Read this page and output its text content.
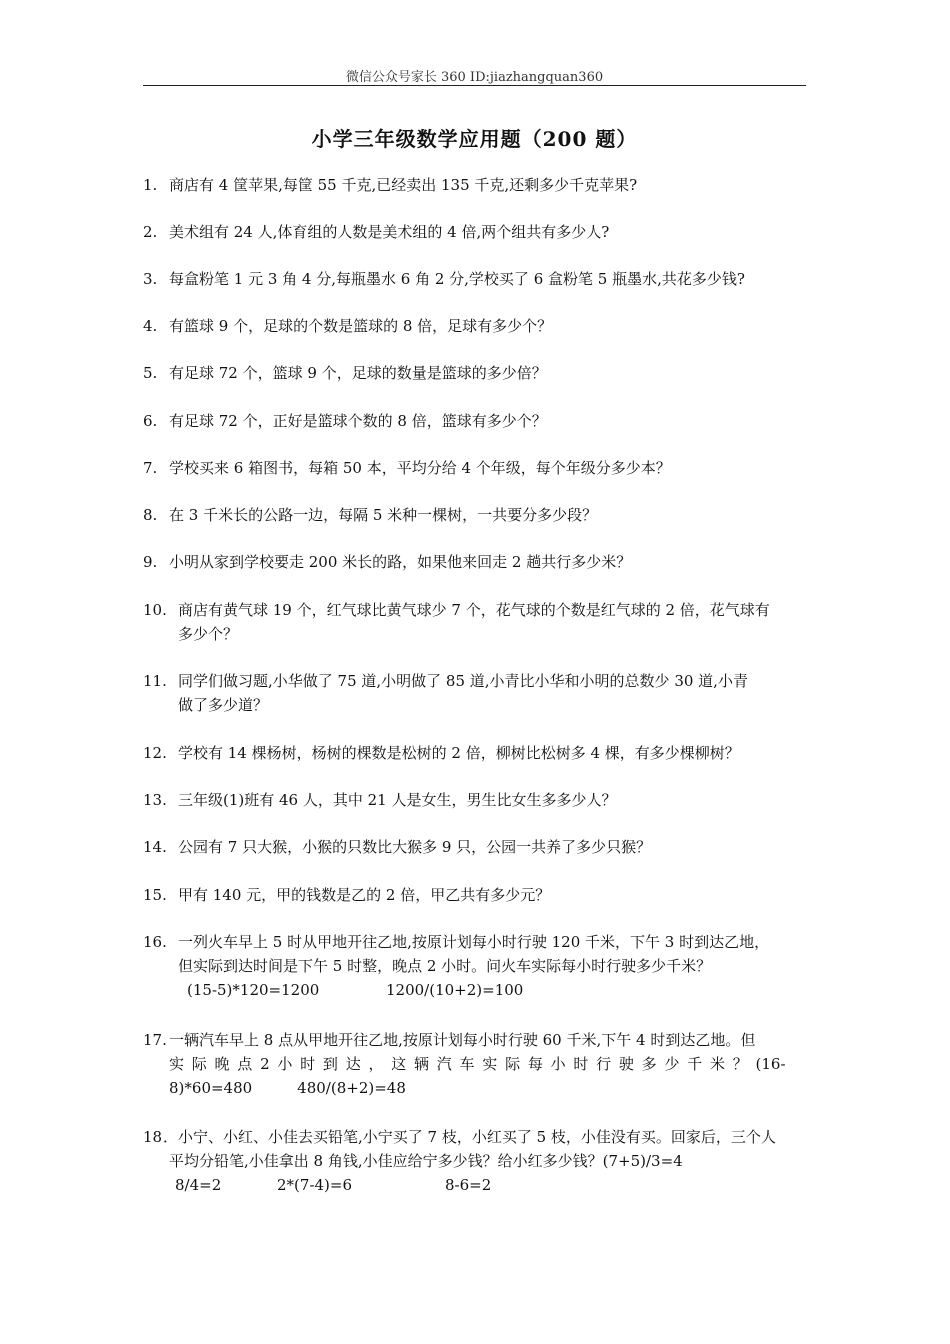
微信公众号家长 360 ID:jiazhangquan360
小学三年级数学应用题（200 题）
1. 商店有 4 筐苹果,每筐 55 千克,已经卖出 135 千克,还剩多少千克苹果?
2. 美术组有 24 人,体育组的人数是美术组的 4 倍,两个组共有多少人?
3. 每盒粉笔 1 元 3 角 4 分,每瓶墨水 6 角 2 分,学校买了 6 盒粉笔 5 瓶墨水,共花多少钱?
4. 有篮球 9 个，足球的个数是篮球的 8 倍，足球有多少个？
5. 有足球 72 个，篮球 9 个，足球的数量是篮球的多少倍？
6. 有足球 72 个，正好是篮球个数的 8 倍，篮球有多少个？
7. 学校买来 6 箱图书，每箱 50 本，平均分给 4 个年级，每个年级分多少本？
8. 在 3 千米长的公路一边，每隔 5 米种一棵树，一共要分多少段？
9. 小明从家到学校要走 200 米长的路，如果他来回走 2 趟共行多少米？
10. 商店有黄气球 19 个，红气球比黄气球少 7 个，花气球的个数是红气球的 2 倍，花气球有
多少个？
11. 同学们做习题,小华做了 75 道,小明做了 85 道,小青比小华和小明的总数少 30 道,小青
做了多少道？
12. 学校有 14 棵杨树，杨树的棵数是松树的 2 倍，柳树比松树多 4 棵，有多少棵柳树？
13. 三年级(1)班有 46 人，其中 21 人是女生，男生比女生多多少人？
14. 公园有 7 只大猴，小猴的只数比大猴多 9 只，公园一共养了多少只猴？
15. 甲有 140 元，甲的钱数是乙的 2 倍，甲乙共有多少元？
16. 一列火车早上 5 时从甲地开往乙地,按原计划每小时行驶 120 千米，下午 3 时到达乙地，
但实际到达时间是下午 5 时整，晚点 2 小时。问火车实际每小时行驶多少千米？
(15-5)*120=1200	1200/(10+2)=100
17. 一辆汽车早上 8 点从甲地开往乙地,按原计划每小时行驶 60 千米,下午 4 时到达乙地。但
实 际 晚 点 2 小 时 到 达 ， 这 辆 汽 车 实 际 每 小 时 行 驶 多 少 千 米 ？ (16-
8)*60=480　　　480/(8+2)=48
18 ．小宁、小红、小佳去买铅笔,小宁买了 7 枝，小红买了 5 枝，小佳没有买。回家后，三个人
平均分铅笔,小佳拿出 8 角钱,小佳应给宁多少钱？给小红多少钱？(7+5)/3=4
8/4=2	2*(7-4)=6	8-6=2
